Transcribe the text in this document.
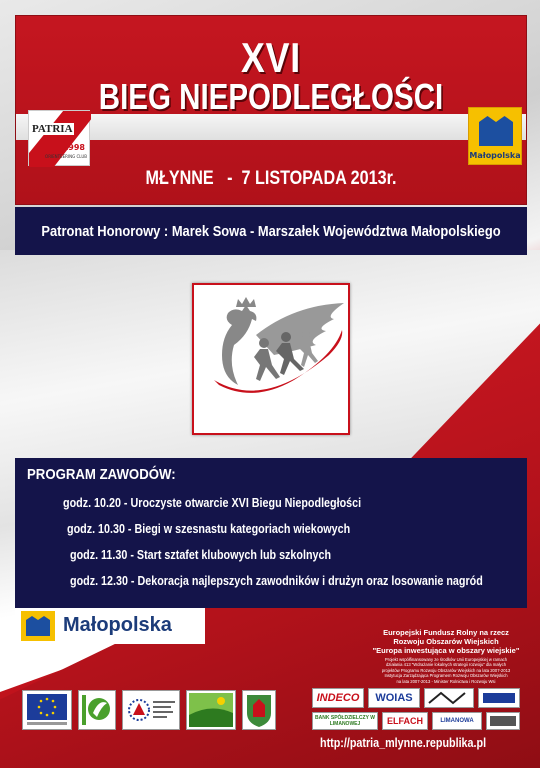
XVI
BIEG NIEPODLEGŁOŚCI
MŁYNNE   -  7 LISTOPADA 2013r.
PATRIA
1998
ORIENTEERING CLUB	Małopolska
Patronat Honorowy : Marek Sowa - Marszałek Województwa Małopolskiego
PROGRAM ZAWODÓW:
godz. 10.20 - Uroczyste otwarcie XVI Biegu Niepodległości
godz. 10.30 - Biegi w szesnastu kategoriach wiekowych
godz. 11.30 - Start sztafet klubowych lub szkolnych
godz. 12.30 - Dekoracja najlepszych zawodników i drużyn oraz losowanie nagród
Małopolska	Europejski Fundusz Rolny na rzecz
Rozwoju Obszarów Wiejskich
"Europa inwestująca w obszary wiejskie"
Projekt współfinansowany ze środków Unii Europejskiej w ramach
działania 413 "Wdrażanie lokalnych strategii rozwoju" dla małych
projektów Programu Rozwoju Obszarów Wiejskich na lata 2007-2013
Instytucja Zarządzająca Programem Rozwoju Obszarów Wiejskich
na lata 2007-2013 - Minister Rolnictwa i Rozwoju Wsi
INDECO WOIAS
BANK SPÓŁDZIELCZY W LIMANOWEJ	ELFACH	LIMANOWA
http://patria_mlynne.republika.pl
